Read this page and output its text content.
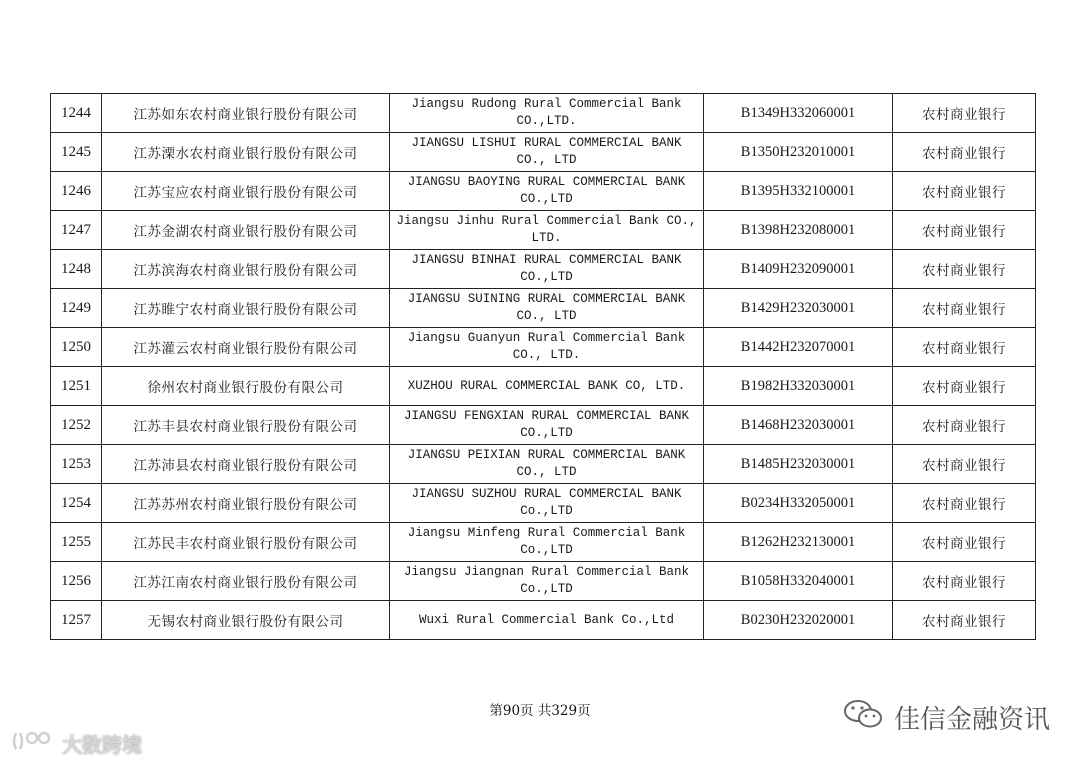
1244	江苏如东农村商业银行股份有限公司	Jiangsu Rudong Rural Commercial Bank CO.,LTD.	B1349H332060001	农村商业银行
1245	江苏溧水农村商业银行股份有限公司	JIANGSU LISHUI RURAL COMMERCIAL BANK CO., LTD	B1350H232010001	农村商业银行
1246	江苏宝应农村商业银行股份有限公司	JIANGSU BAOYING RURAL COMMERCIAL BANK CO.,LTD	B1395H332100001	农村商业银行
1247	江苏金湖农村商业银行股份有限公司	Jiangsu Jinhu Rural Commercial Bank CO., LTD.	B1398H232080001	农村商业银行
1248	江苏滨海农村商业银行股份有限公司	JIANGSU BINHAI RURAL COMMERCIAL BANK CO.,LTD	B1409H232090001	农村商业银行
1249	江苏睢宁农村商业银行股份有限公司	JIANGSU SUINING RURAL COMMERCIAL BANK CO., LTD	B1429H232030001	农村商业银行
1250	江苏灌云农村商业银行股份有限公司	Jiangsu Guanyun Rural Commercial Bank CO., LTD.	B1442H232070001	农村商业银行
1251	徐州农村商业银行股份有限公司	XUZHOU RURAL COMMERCIAL BANK CO, LTD.	B1982H332030001	农村商业银行
1252	江苏丰县农村商业银行股份有限公司	JIANGSU FENGXIAN RURAL COMMERCIAL BANK CO.,LTD	B1468H232030001	农村商业银行
1253	江苏沛县农村商业银行股份有限公司	JIANGSU PEIXIAN RURAL COMMERCIAL BANK CO., LTD	B1485H232030001	农村商业银行
1254	江苏苏州农村商业银行股份有限公司	JIANGSU SUZHOU RURAL COMMERCIAL BANK Co.,LTD	B0234H332050001	农村商业银行
1255	江苏民丰农村商业银行股份有限公司	Jiangsu Minfeng Rural Commercial Bank Co.,LTD	B1262H232130001	农村商业银行
1256	江苏江南农村商业银行股份有限公司	Jiangsu Jiangnan Rural Commercial Bank Co.,LTD	B1058H332040001	农村商业银行
1257	无锡农村商业银行股份有限公司	Wuxi Rural Commercial Bank Co.,Ltd	B0230H232020001	农村商业银行
第90页 共329页
大数跨境
佳信金融资讯
